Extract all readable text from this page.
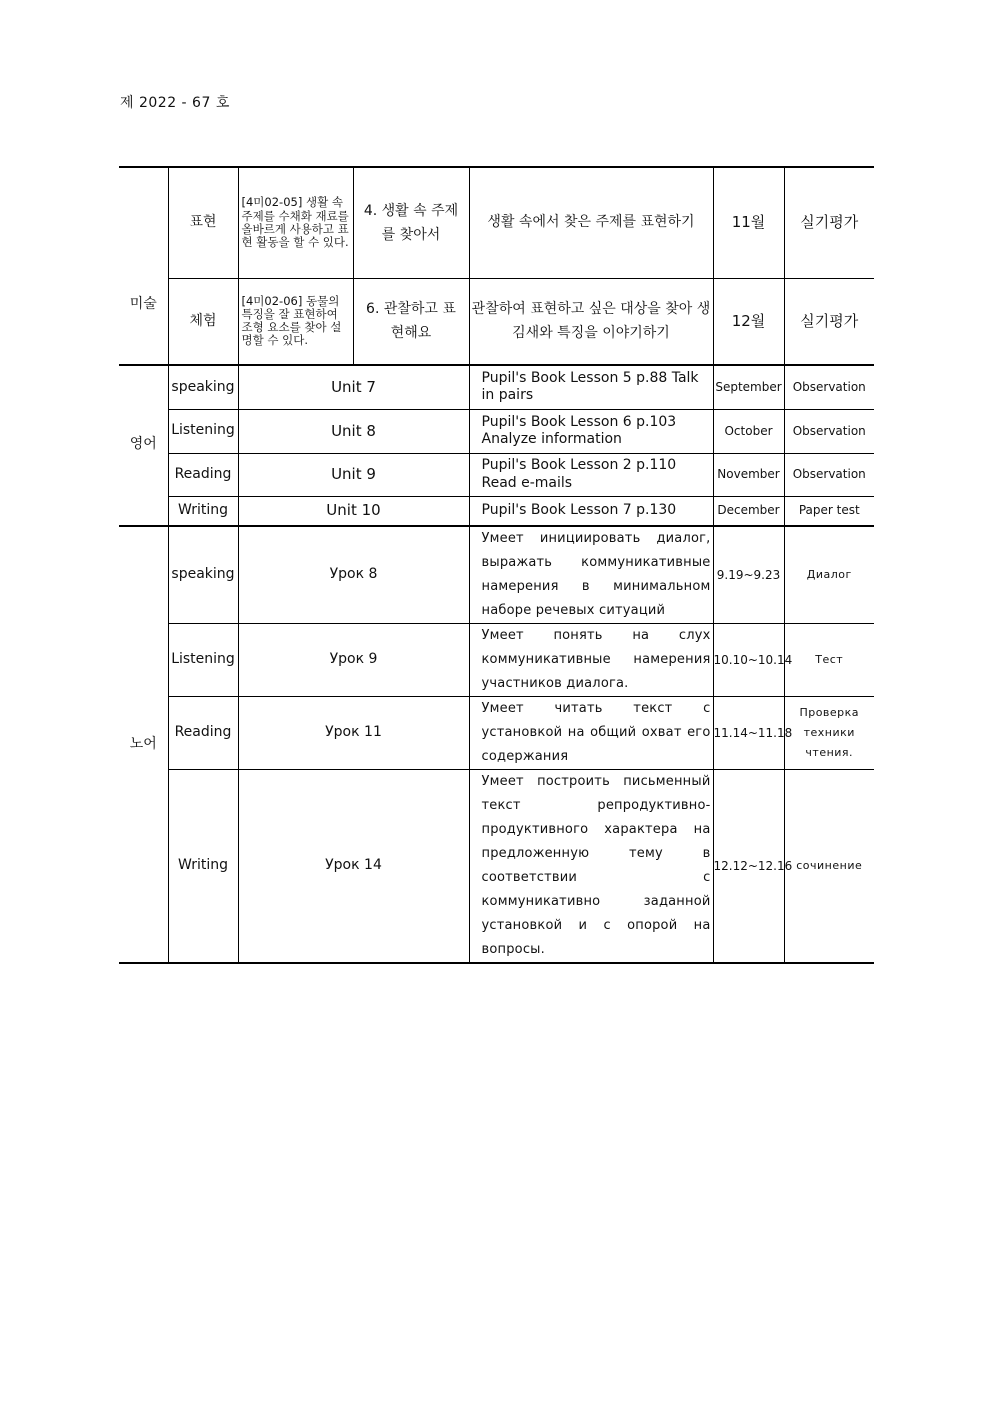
제 2022 - 67 호
미술	표현	[4미02-05] 생활 속 주제를 수채화 재료를 올바르게 사용하고 표현 활동을 할 수 있다.	4. 생활 속 주제를 찾아서	생활 속에서 찾은 주제를 표현하기	11월	실기평가
	체험	[4미02-06] 동물의 특징을 잘 표현하여 조형 요소를 찾아 설명할 수 있다.	6. 관찰하고 표현해요	관찰하여 표현하고 싶은 대상을 찾아 생김새와 특징을 이야기하기	12월	실기평가
영어	speaking	Unit 7		Pupil's Book Lesson 5 p.88 Talk in pairs	September	Observation
	Listening	Unit 8		Pupil's Book Lesson 6 p.103 Analyze information	October	Observation
	Reading	Unit 9		Pupil's Book Lesson 2 p.110 Read e-mails	November	Observation
	Writing	Unit 10		Pupil's Book Lesson 7 p.130	December	Paper test
노어	speaking	Урок 8		Умеет инициировать диалог, выражать коммуникативные намерения в минимальном наборе речевых ситуаций	9.19~9.23	Диалог
	Listening	Урок 9		Умеет понять на слух коммуникативные намерения участников диалога.	10.10~10.14	Тест
	Reading	Урок 11		Умеет читать текст с установкой на общий охват его содержания	11.14~11.18	Проверка техники чтения.
	Writing	Урок 14		Умеет построить письменный текст репродуктивно-продуктивного характера на предложенную тему в соответствии с коммуникативно заданной установкой и с опорой на вопросы.	12.12~12.16	сочинение
